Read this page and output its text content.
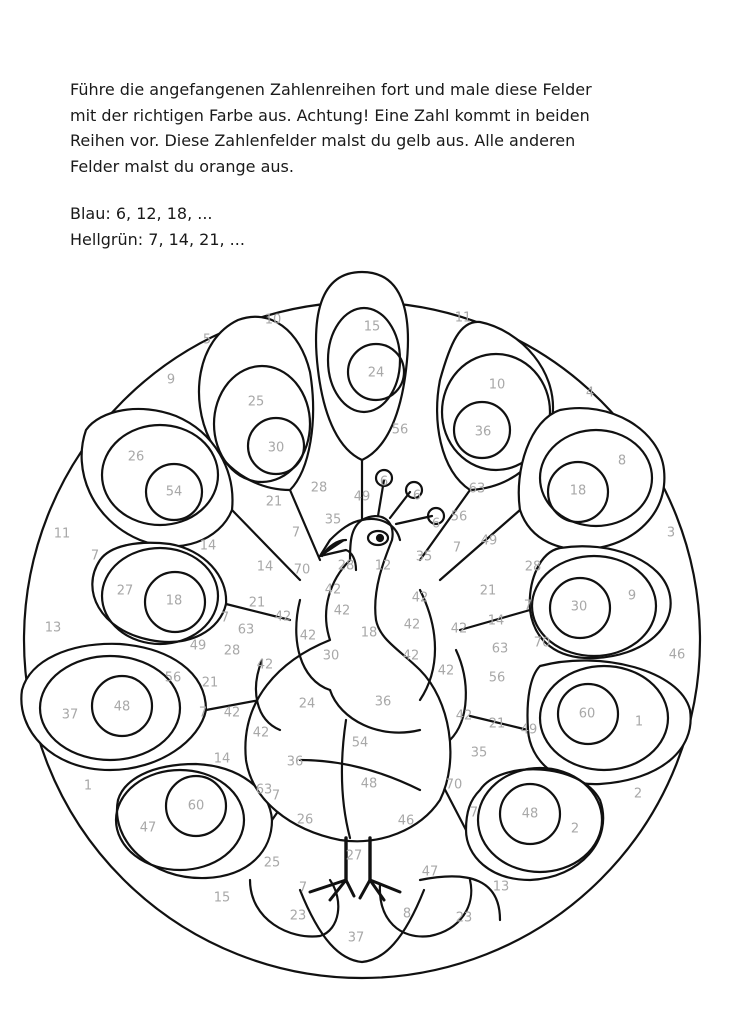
Führe die angefangenen Zahlenreihen fort und male diese Felder

mit der richtigen Farbe aus. Achtung! Eine Zahl kommt in beiden

Reihen vor. Diese Zahlenfelder malst du gelb aus. Alle anderen

Felder malst du orange aus.

Blau: 6, 12, 18, ...

Hellgrün: 7, 14, 21, ...

10	15
11
5
24
9	10
4
25
56	36
30
26	8
6
49	6	63
54	28	18
21
6
35	56
7	3
11	49
14
7
14 70 28 12
35
7
42	21
28
27
18
42
42
42
21	30
9
7
13	63	42
42 42
14
7
18
70
49 28	30	63	46
42
42
56 21
24	36
56
37
48	7 42
42
42	60
1
21 49
42
54
14	35
36
48
1	63	70
2
60
7
7	48
26	46
47	2
27
25
47
13
15
7
23	8	23
37
